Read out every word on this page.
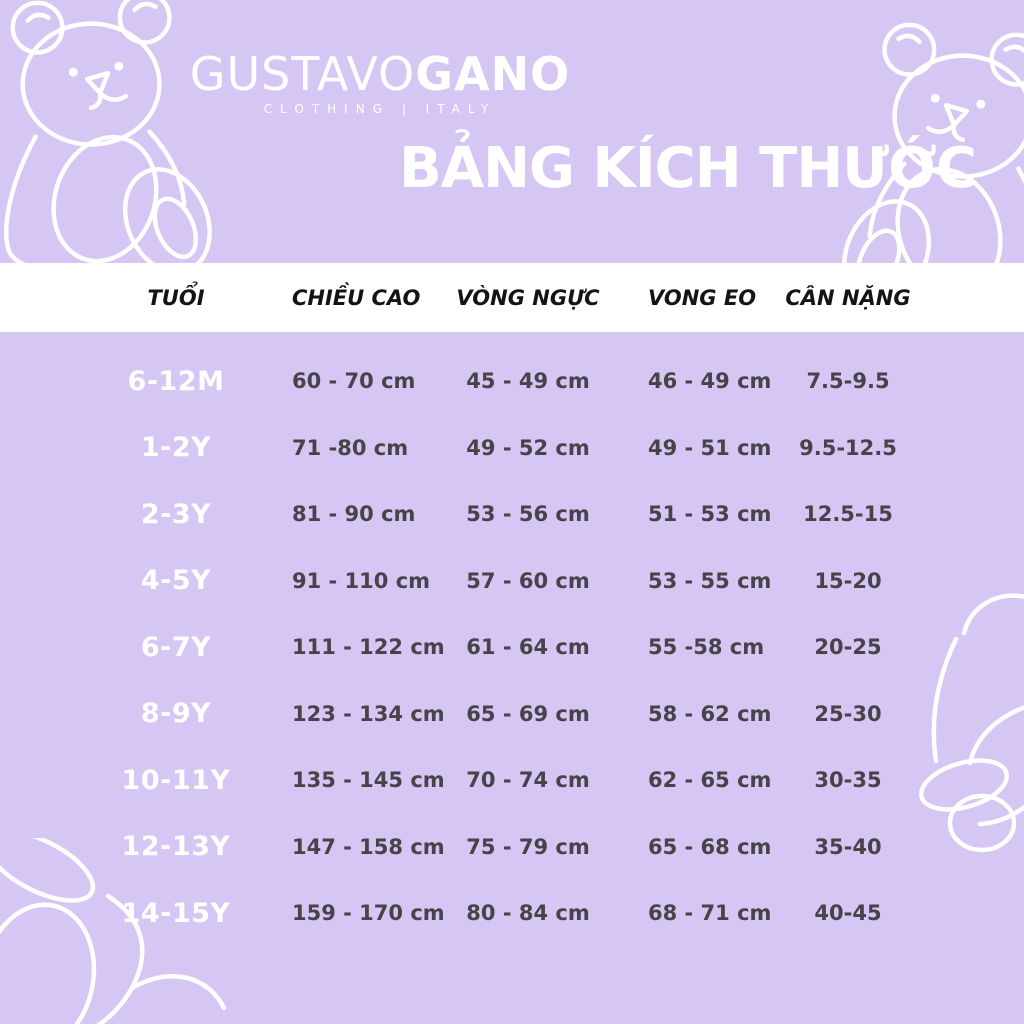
GUSTAVOGANO
CLOTHING | ITALY
BẢNG KÍCH THƯỚC
TUỔI	CHIỀU CAO	VÒNG NGỰC	VONG EO	CÂN NẶNG
6-12M	60 - 70 cm	45 - 49 cm	46 - 49 cm	7.5-9.5
1-2Y	71 -80 cm	49 - 52 cm	49 - 51 cm	9.5-12.5
2-3Y	81 - 90 cm	53 - 56 cm	51 - 53 cm	12.5-15
4-5Y	91 - 110 cm	57 - 60 cm	53 - 55 cm	15-20
6-7Y	111 - 122 cm	61 - 64 cm	55 -58 cm	20-25
8-9Y	123 - 134 cm	65 - 69 cm	58 - 62 cm	25-30
10-11Y	135 - 145 cm	70 - 74 cm	62 - 65 cm	30-35
12-13Y	147 - 158 cm	75 - 79 cm	65 - 68 cm	35-40
14-15Y	159 - 170 cm	80 - 84 cm	68 - 71 cm	40-45
